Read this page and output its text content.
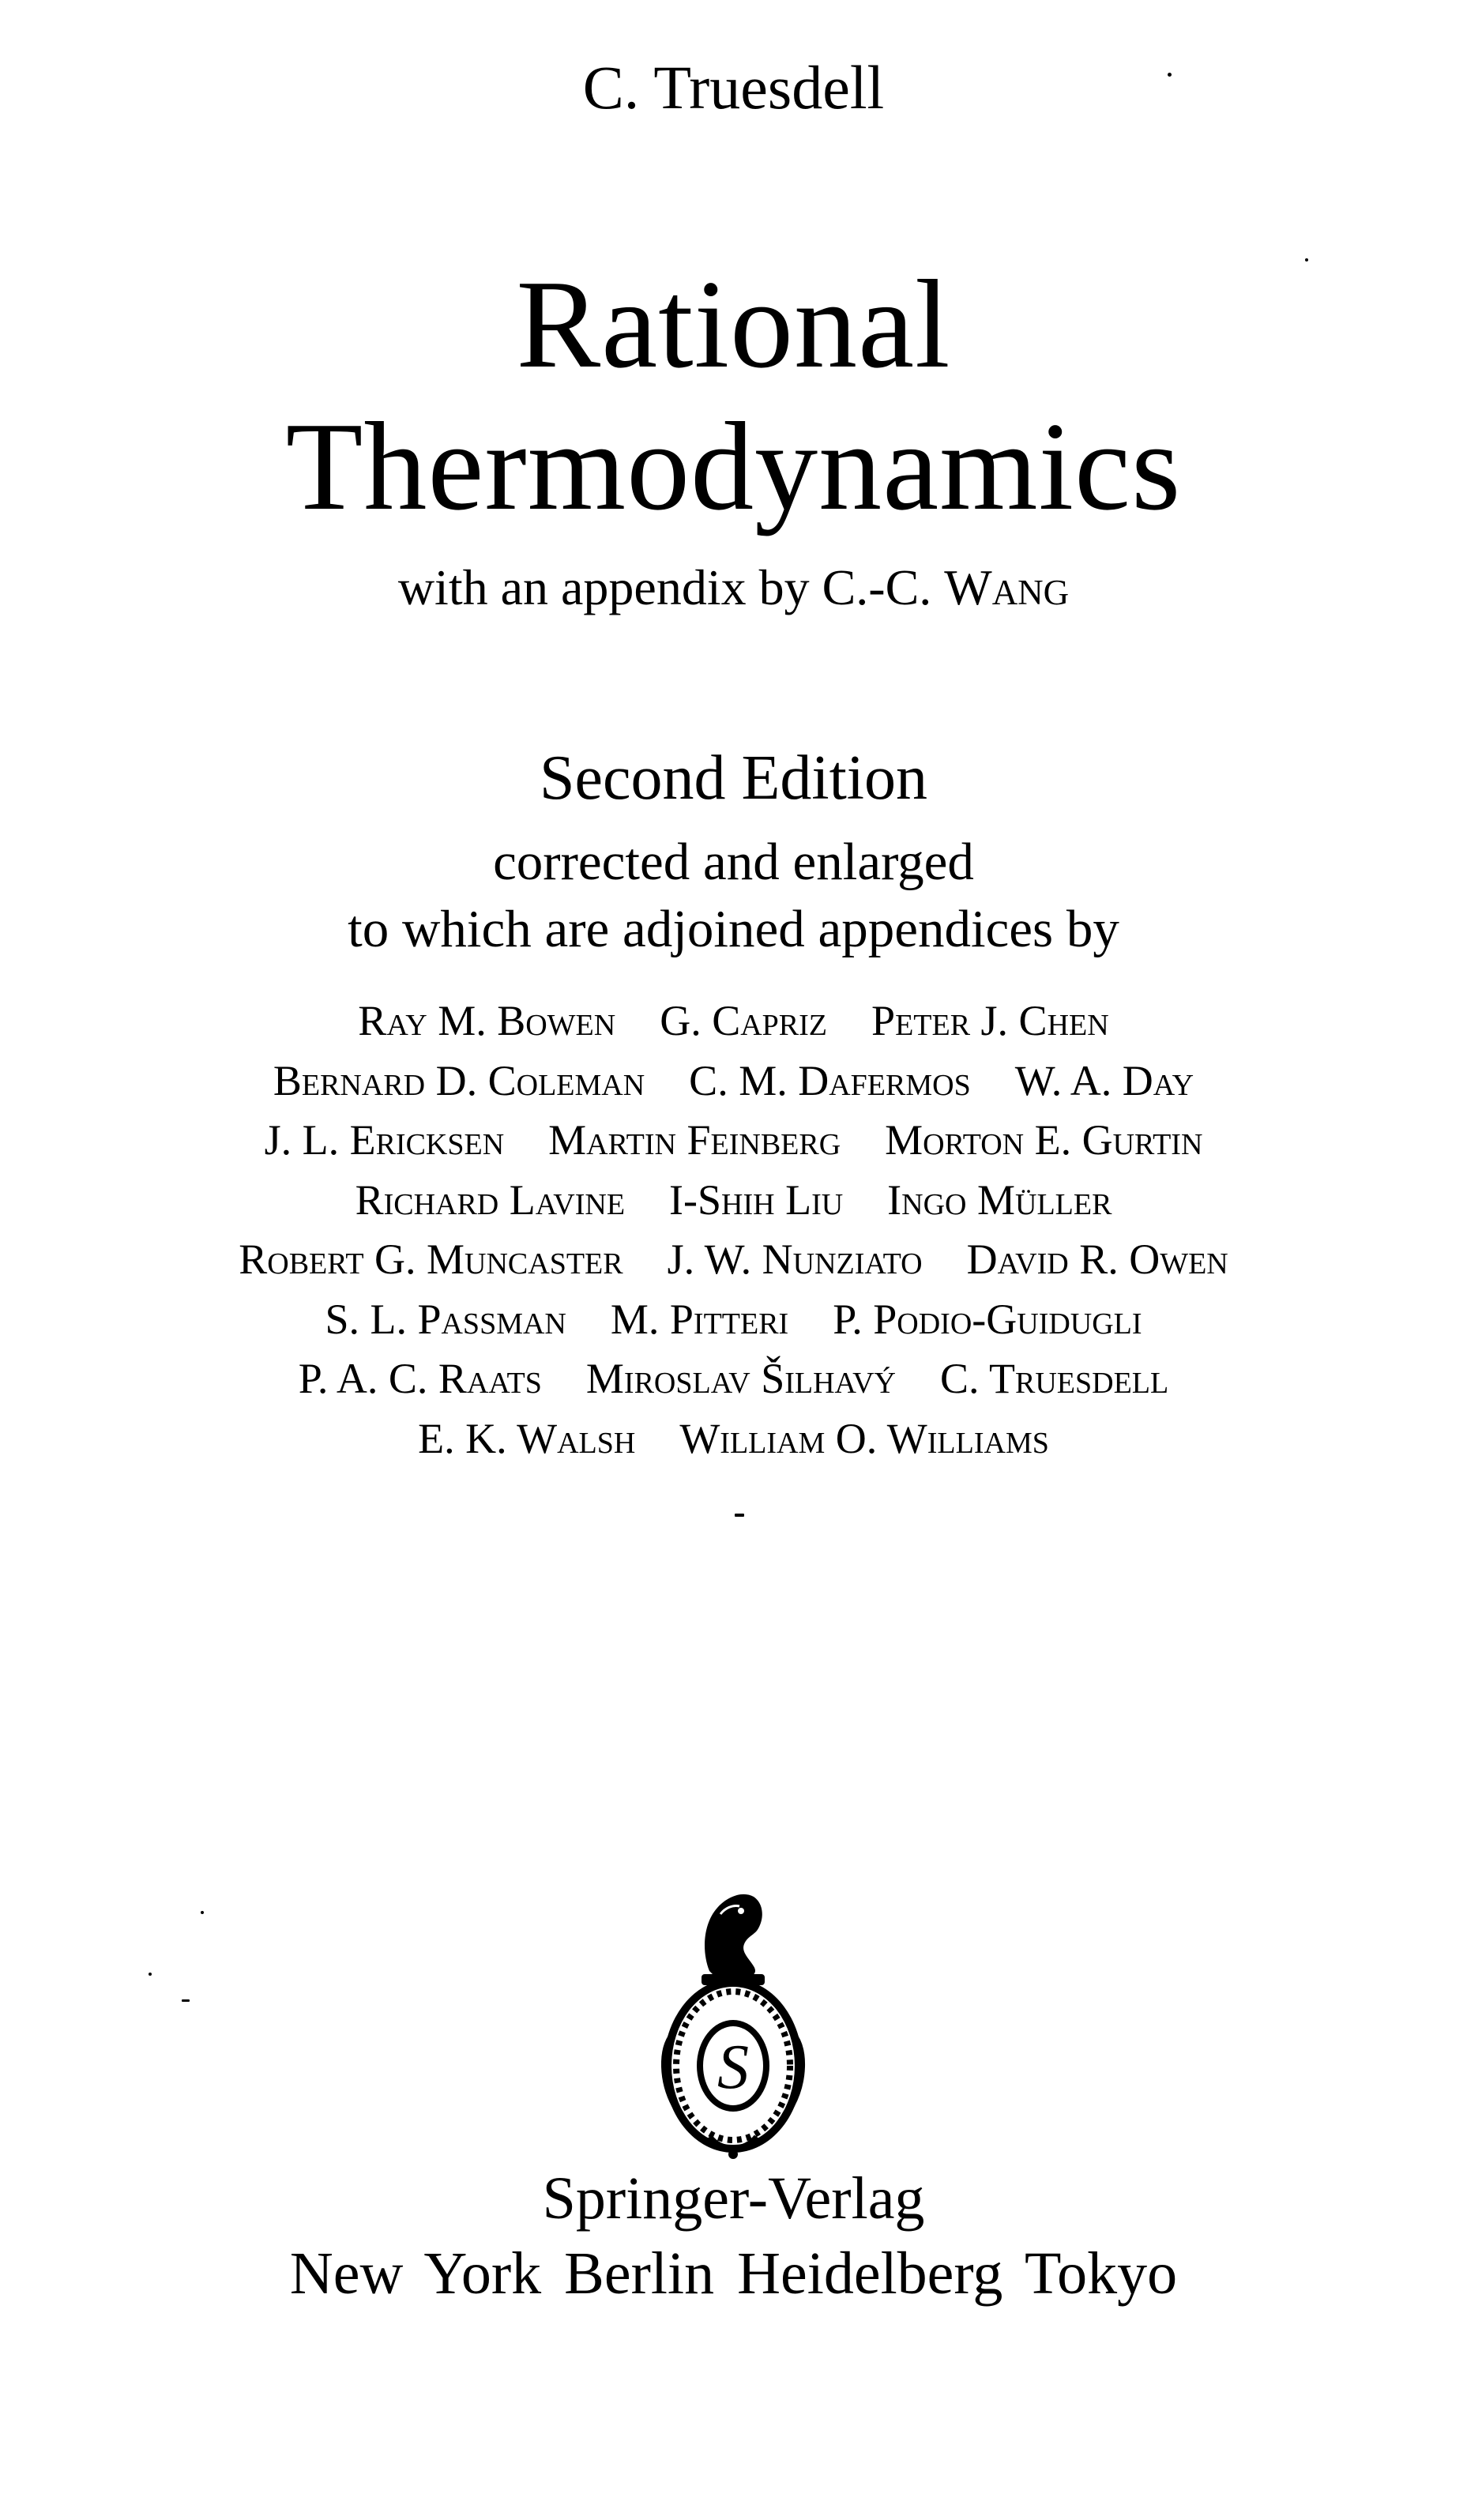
C. Truesdell
Rational
Thermodynamics
with an appendix by C.-C. Wang
Second Edition
corrected and enlarged
to which are adjoined appendices by
Ray M. Bowen G. Capriz Peter J. Chen
Bernard D. Coleman C. M. Dafermos W. A. Day
J. L. Ericksen Martin Feinberg Morton E. Gurtin
Richard Lavine I-Shih Liu Ingo Müller
Robert G. Muncaster J. W. Nunziato David R. Owen
S. L. Passman M. Pitteri P. Podio-Guidugli
P. A. C. Raats Miroslav Šilhavý C. Truesdell
E. K. Walsh William O. Williams
S
Springer-Verlag
New York Berlin Heidelberg Tokyo
